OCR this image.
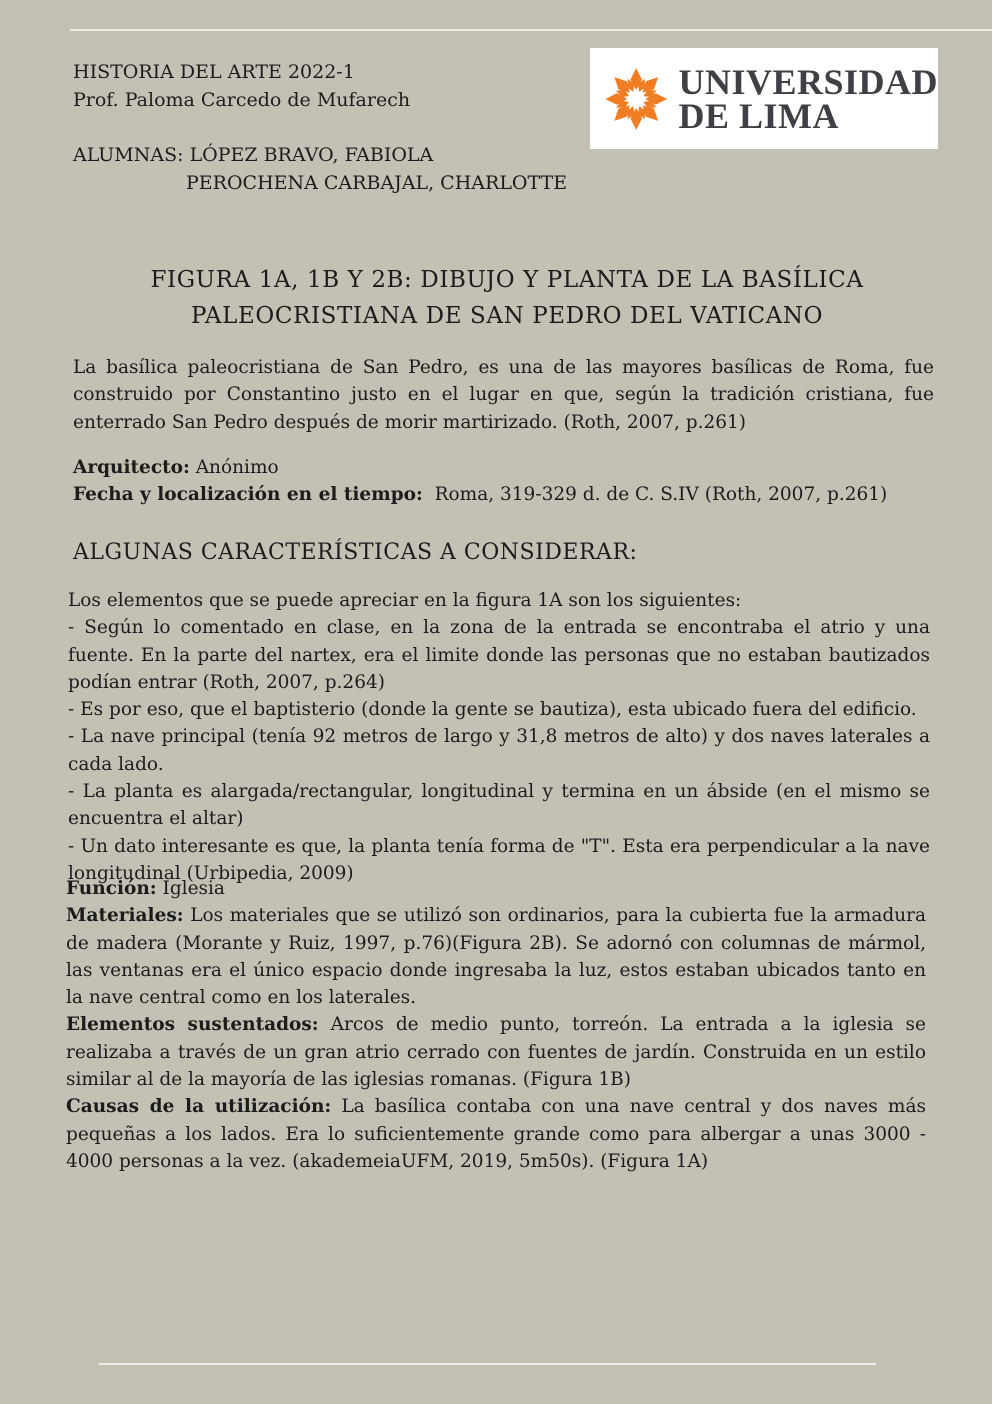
HISTORIA DEL ARTE 2022-1
Prof. Paloma Carcedo de Mufarech
ALUMNAS: LÓPEZ BRAVO, FABIOLA
PEROCHENA CARBAJAL, CHARLOTTE
UNIVERSIDAD
DE LIMA
FIGURA 1A, 1B Y 2B: DIBUJO Y PLANTA DE LA BASÍLICA
PALEOCRISTIANA DE SAN PEDRO DEL VATICANO
La basílica paleocristiana de San Pedro, es una de las mayores basílicas de Roma, fue construido por Constantino justo en el lugar en que, según la tradición cristiana, fue enterrado San Pedro después de morir martirizado. (Roth, 2007, p.261)

Arquitecto: Anónimo

Fecha y localización en el tiempo:  Roma, 319-329 d. de C. S.IV (Roth, 2007, p.261)

ALGUNAS CARACTERÍSTICAS A CONSIDERAR:

Los elementos que se puede apreciar en la figura 1A son los siguientes:

- Según lo comentado en clase, en la zona de la entrada se encontraba el atrio y una fuente. En la parte del nartex, era el limite donde las personas que no estaban bautizados podían entrar (Roth, 2007, p.264)

- Es por eso, que el baptisterio (donde la gente se bautiza), esta ubicado fuera del edificio.

- La nave principal (tenía 92 metros de largo y 31,8 metros de alto) y dos naves laterales a cada lado.

- La planta es alargada/rectangular, longitudinal y termina en un ábside (en el mismo se encuentra el altar)

- Un dato interesante es que, la planta tenía forma de "T". Esta era perpendicular a la nave longitudinal (Urbipedia, 2009)

Función: Iglesia

Materiales: Los materiales que se utilizó son ordinarios, para la cubierta fue la armadura de madera (Morante y Ruiz, 1997, p.76)(Figura 2B). Se adornó con columnas de mármol, las ventanas era el único espacio donde ingresaba la luz, estos estaban ubicados tanto en la nave central como en los laterales.

Elementos sustentados: Arcos de medio punto, torreón. La entrada a la iglesia se realizaba a través de un gran atrio cerrado con fuentes de jardín. Construida en un estilo similar al de la mayoría de las iglesias romanas. (Figura 1B)

Causas de la utilización: La basílica contaba con una nave central y dos naves más pequeñas a los lados. Era lo suficientemente grande como para albergar a unas 3000 - 4000 personas a la vez. (akademeiaUFM, 2019, 5m50s). (Figura 1A)
